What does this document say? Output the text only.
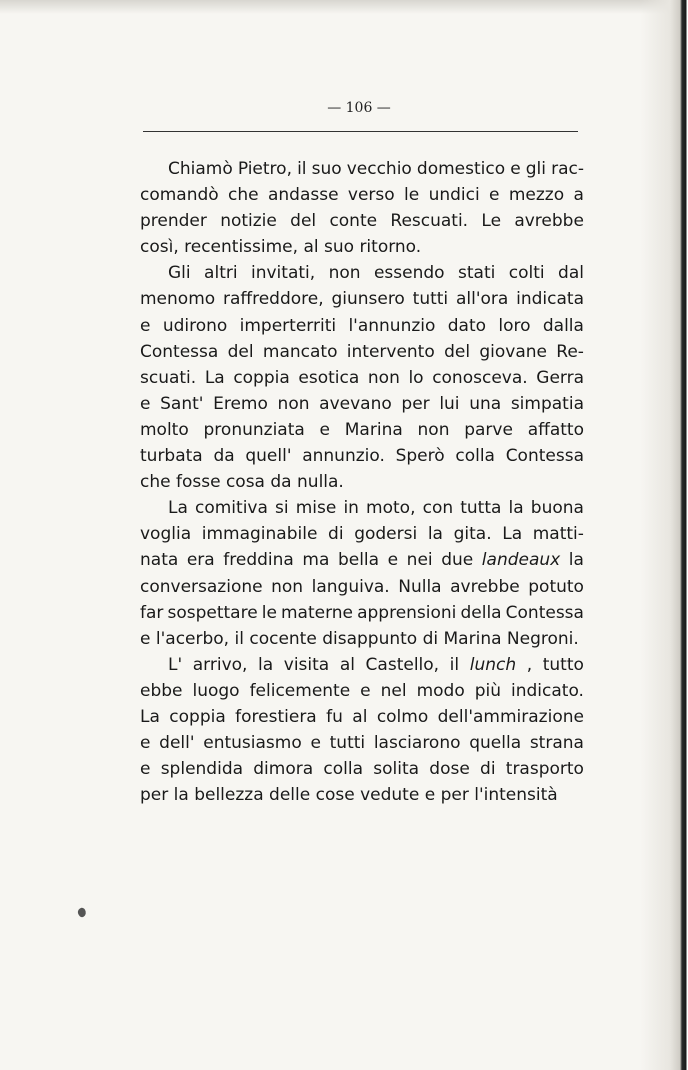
— 106 —
Chiamò Pietro, il suo vecchio domestico e gli rac-
comandò che andasse verso le undici e mezzo a
prender notizie del conte Rescuati. Le avrebbe
così, recentissime, al suo ritorno.
Gli altri invitati, non essendo stati colti dal
menomo raffreddore, giunsero tutti all'ora indicata
e udirono imperterriti l'annunzio dato loro dalla
Contessa del mancato intervento del giovane Re-
scuati. La coppia esotica non lo conosceva. Gerra
e Sant' Eremo non avevano per lui una simpatia
molto pronunziata e Marina non parve affatto
turbata da quell' annunzio. Sperò colla Contessa
che fosse cosa da nulla.
La comitiva si mise in moto, con tutta la buona
voglia immaginabile di godersi la gita. La matti-
nata era freddina ma bella e nei due landeaux la
conversazione non languiva. Nulla avrebbe potuto
far sospettare le materne apprensioni della Contessa
e l'acerbo, il cocente disappunto di Marina Negroni.
L' arrivo, la visita al Castello, il lunch , tutto
ebbe luogo felicemente e nel modo più indicato.
La coppia forestiera fu al colmo dell'ammirazione
e dell' entusiasmo e tutti lasciarono quella strana
e splendida dimora colla solita dose di trasporto
per la bellezza delle cose vedute e per l'intensità
